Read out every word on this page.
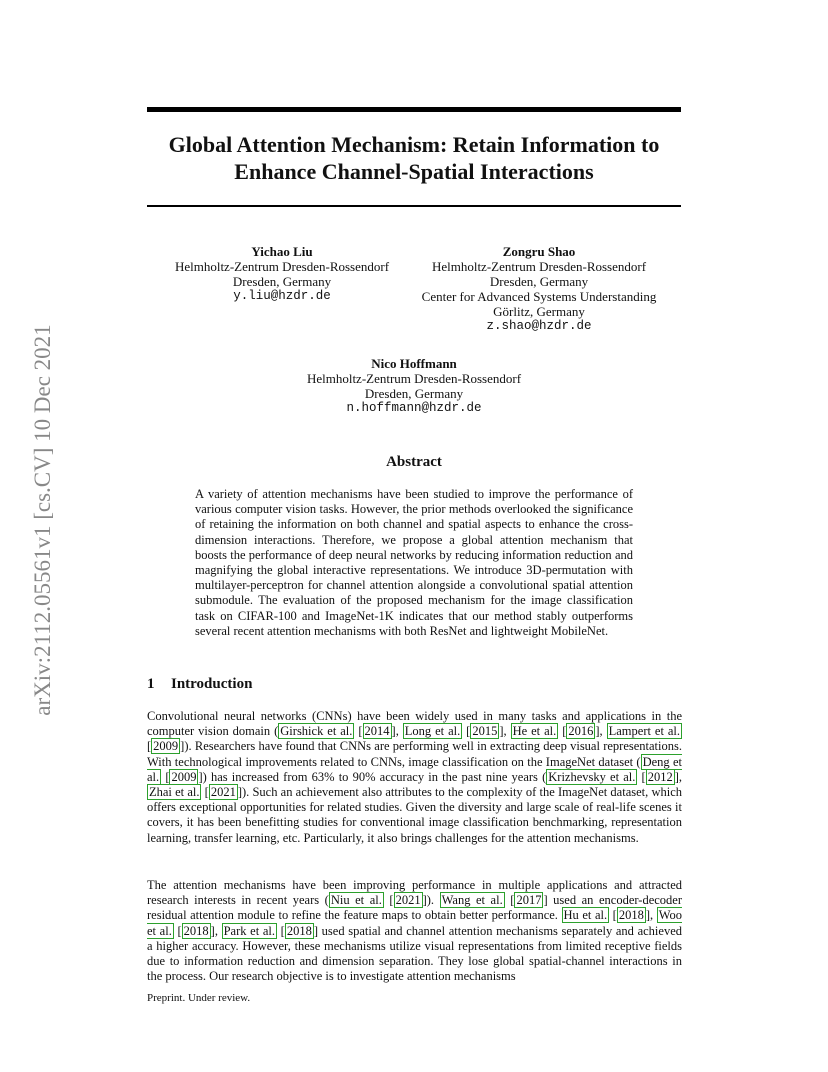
arXiv:2112.05561v1 [cs.CV] 10 Dec 2021
Global Attention Mechanism: Retain Information to
Enhance Channel-Spatial Interactions
Yichao Liu
Helmholtz-Zentrum Dresden-Rossendorf
Dresden, Germany
y.liu@hzdr.de
Zongru Shao
Helmholtz-Zentrum Dresden-Rossendorf
Dresden, Germany
Center for Advanced Systems Understanding
Görlitz, Germany
z.shao@hzdr.de
Nico Hoffmann
Helmholtz-Zentrum Dresden-Rossendorf
Dresden, Germany
n.hoffmann@hzdr.de
Abstract
A variety of attention mechanisms have been studied to improve the performance of various computer vision tasks. However, the prior methods overlooked the significance of retaining the information on both channel and spatial aspects to enhance the cross-dimension interactions. Therefore, we propose a global attention mechanism that boosts the performance of deep neural networks by reducing information reduction and magnifying the global interactive representations. We introduce 3D-permutation with multilayer-perceptron for channel attention alongside a convolutional spatial attention submodule. The evaluation of the proposed mechanism for the image classification task on CIFAR-100 and ImageNet-1K indicates that our method stably outperforms several recent attention mechanisms with both ResNet and lightweight MobileNet.
1 Introduction

Convolutional neural networks (CNNs) have been widely used in many tasks and applications in the computer vision domain ( Girshick et al. [ 2014 ], Long et al. [ 2015 ], He et al. [ 2016 ], Lampert et al. [ 2009 ]). Researchers have found that CNNs are performing well in extracting deep visual representations. With technological improvements related to CNNs, image classification on the ImageNet dataset ( Deng et al. [ 2009 ]) has increased from 63% to 90% accuracy in the past nine years ( Krizhevsky et al. [ 2012 ], Zhai et al. [ 2021 ]). Such an achievement also attributes to the complexity of the ImageNet dataset, which offers exceptional opportunities for related studies. Given the diversity and large scale of real-life scenes it covers, it has been benefitting studies for conventional image classification benchmarking, representation learning, transfer learning, etc. Particularly, it also brings challenges for the attention mechanisms.

The attention mechanisms have been improving performance in multiple applications and attracted research interests in recent years ( Niu et al. [ 2021 ]). Wang et al. [ 2017 ] used an encoder-decoder residual attention module to refine the feature maps to obtain better performance. Hu et al. [ 2018 ], Woo et al. [ 2018 ], Park et al. [ 2018 ] used spatial and channel attention mechanisms separately and achieved a higher accuracy. However, these mechanisms utilize visual representations from limited receptive fields due to information reduction and dimension separation. They lose global spatial-channel interactions in the process. Our research objective is to investigate attention mechanisms

Preprint. Under review.
